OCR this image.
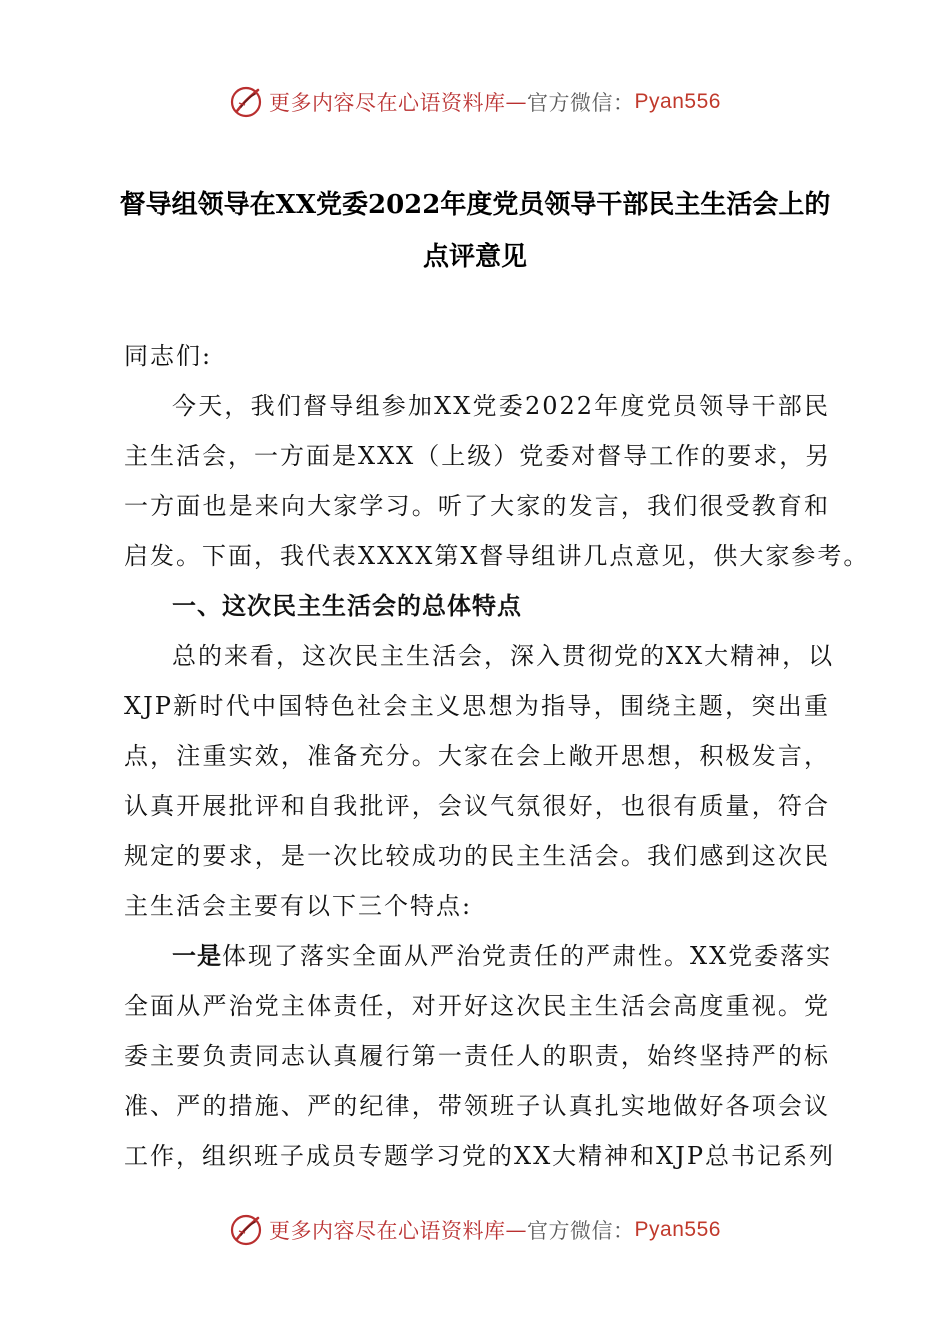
更多内容尽在心语资料库 — 官方微信： Pyan556
督导组领导在XX党委2022年度党员领导干部民主生活会上的
点评意见
同志们:
今天，我们督导组参加XX党委2022年度党员领导干部民
主生活会，一方面是XXX（上级）党委对督导工作的要求，另
一方面也是来向大家学习。听了大家的发言，我们很受教育和
启发。下面，我代表XXXX第X督导组讲几点意见，供大家参考。
一、这次民主生活会的总体特点
总的来看，这次民主生活会，深入贯彻党的XX大精神，以
XJP新时代中国特色社会主义思想为指导，围绕主题，突出重
点，注重实效，准备充分。大家在会上敞开思想，积极发言，
认真开展批评和自我批评，会议气氛很好，也很有质量，符合
规定的要求，是一次比较成功的民主生活会。我们感到这次民
主生活会主要有以下三个特点:
一是 体现了落实全面从严治党责任的严肃性。XX党委落实
全面从严治党主体责任，对开好这次民主生活会高度重视。党
委主要负责同志认真履行第一责任人的职责，始终坚持严的标
准、严的措施、严的纪律，带领班子认真扎实地做好各项会议
工作，组织班子成员专题学习党的XX大精神和XJP总书记系列
更多内容尽在心语资料库 — 官方微信： Pyan556
